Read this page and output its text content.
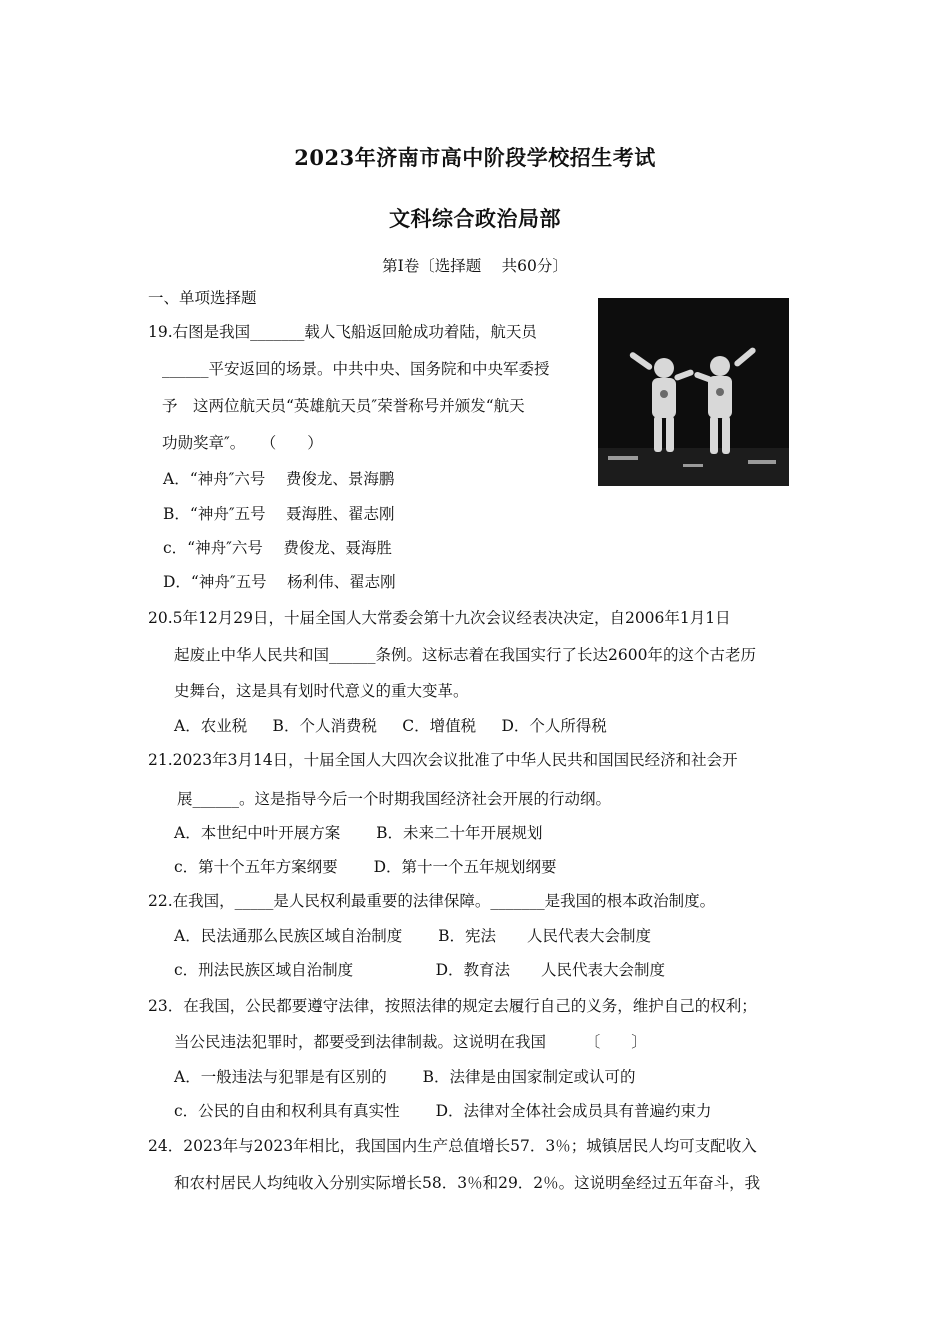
2023年济南市高中阶段学校招生考试
文科综合政治局部
第Ⅰ卷〔选择题　 共60分〕
一、单项选择题
19.右图是我国_______载人飞船返回舱成功着陆，航天员
______平安返回的场景。中共中央、国务院和中央军委授
予　这两位航天员“英雄航天员″荣誉称号并颁发“航天
功勋奖章″。　　（　　）
A．“神舟″六号　 费俊龙、景海鹏
B．“神舟″五号　 聂海胜、翟志刚
c．“神舟″六号　 费俊龙、聂海胜
D．“神舟″五号　 杨利伟、翟志刚
20.5年12月29日，十届全国人大常委会第十九次会议经表决决定，自2006年1月1日
起废止中华人民共和国______条例。这标志着在我国实行了长达2600年的这个古老历
史舞台，这是具有划时代意义的重大变革。
A．农业税　  B．个人消费税　  C．增值税　  D．个人所得税
21.2023年3月14日，十届全国人大四次会议批准了中华人民共和国国民经济和社会开
展______。这是指导今后一个时期我国经济社会开展的行动纲。
A．本世纪中叶开展方案　　 B．未来二十年开展规划
c．第十个五年方案纲要　　 D．第十一个五年规划纲要
22.在我国，_____是人民权利最重要的法律保障。_______是我国的根本政治制度。
A．民法通那么民族区域自治制度　　 B．宪法　　人民代表大会制度
c．刑法民族区域自治制度　　　　　 D．教育法　　人民代表大会制度
23．在我国，公民都要遵守法律，按照法律的规定去履行自己的义务，维护自己的权利；
当公民违法犯罪时，都要受到法律制裁。这说明在我国　　　〔　　〕
A．一般违法与犯罪是有区别的　　 B．法律是由国家制定或认可的
c．公民的自由和权利具有真实性　　 D．法律对全体社会成员具有普遍约束力
24．2023年与2023年相比，我国国内生产总值增长57．3％；城镇居民人均可支配收入
和农村居民人均纯收入分别实际增长58．3％和29．2％。这说明垒经过五年奋斗，我
